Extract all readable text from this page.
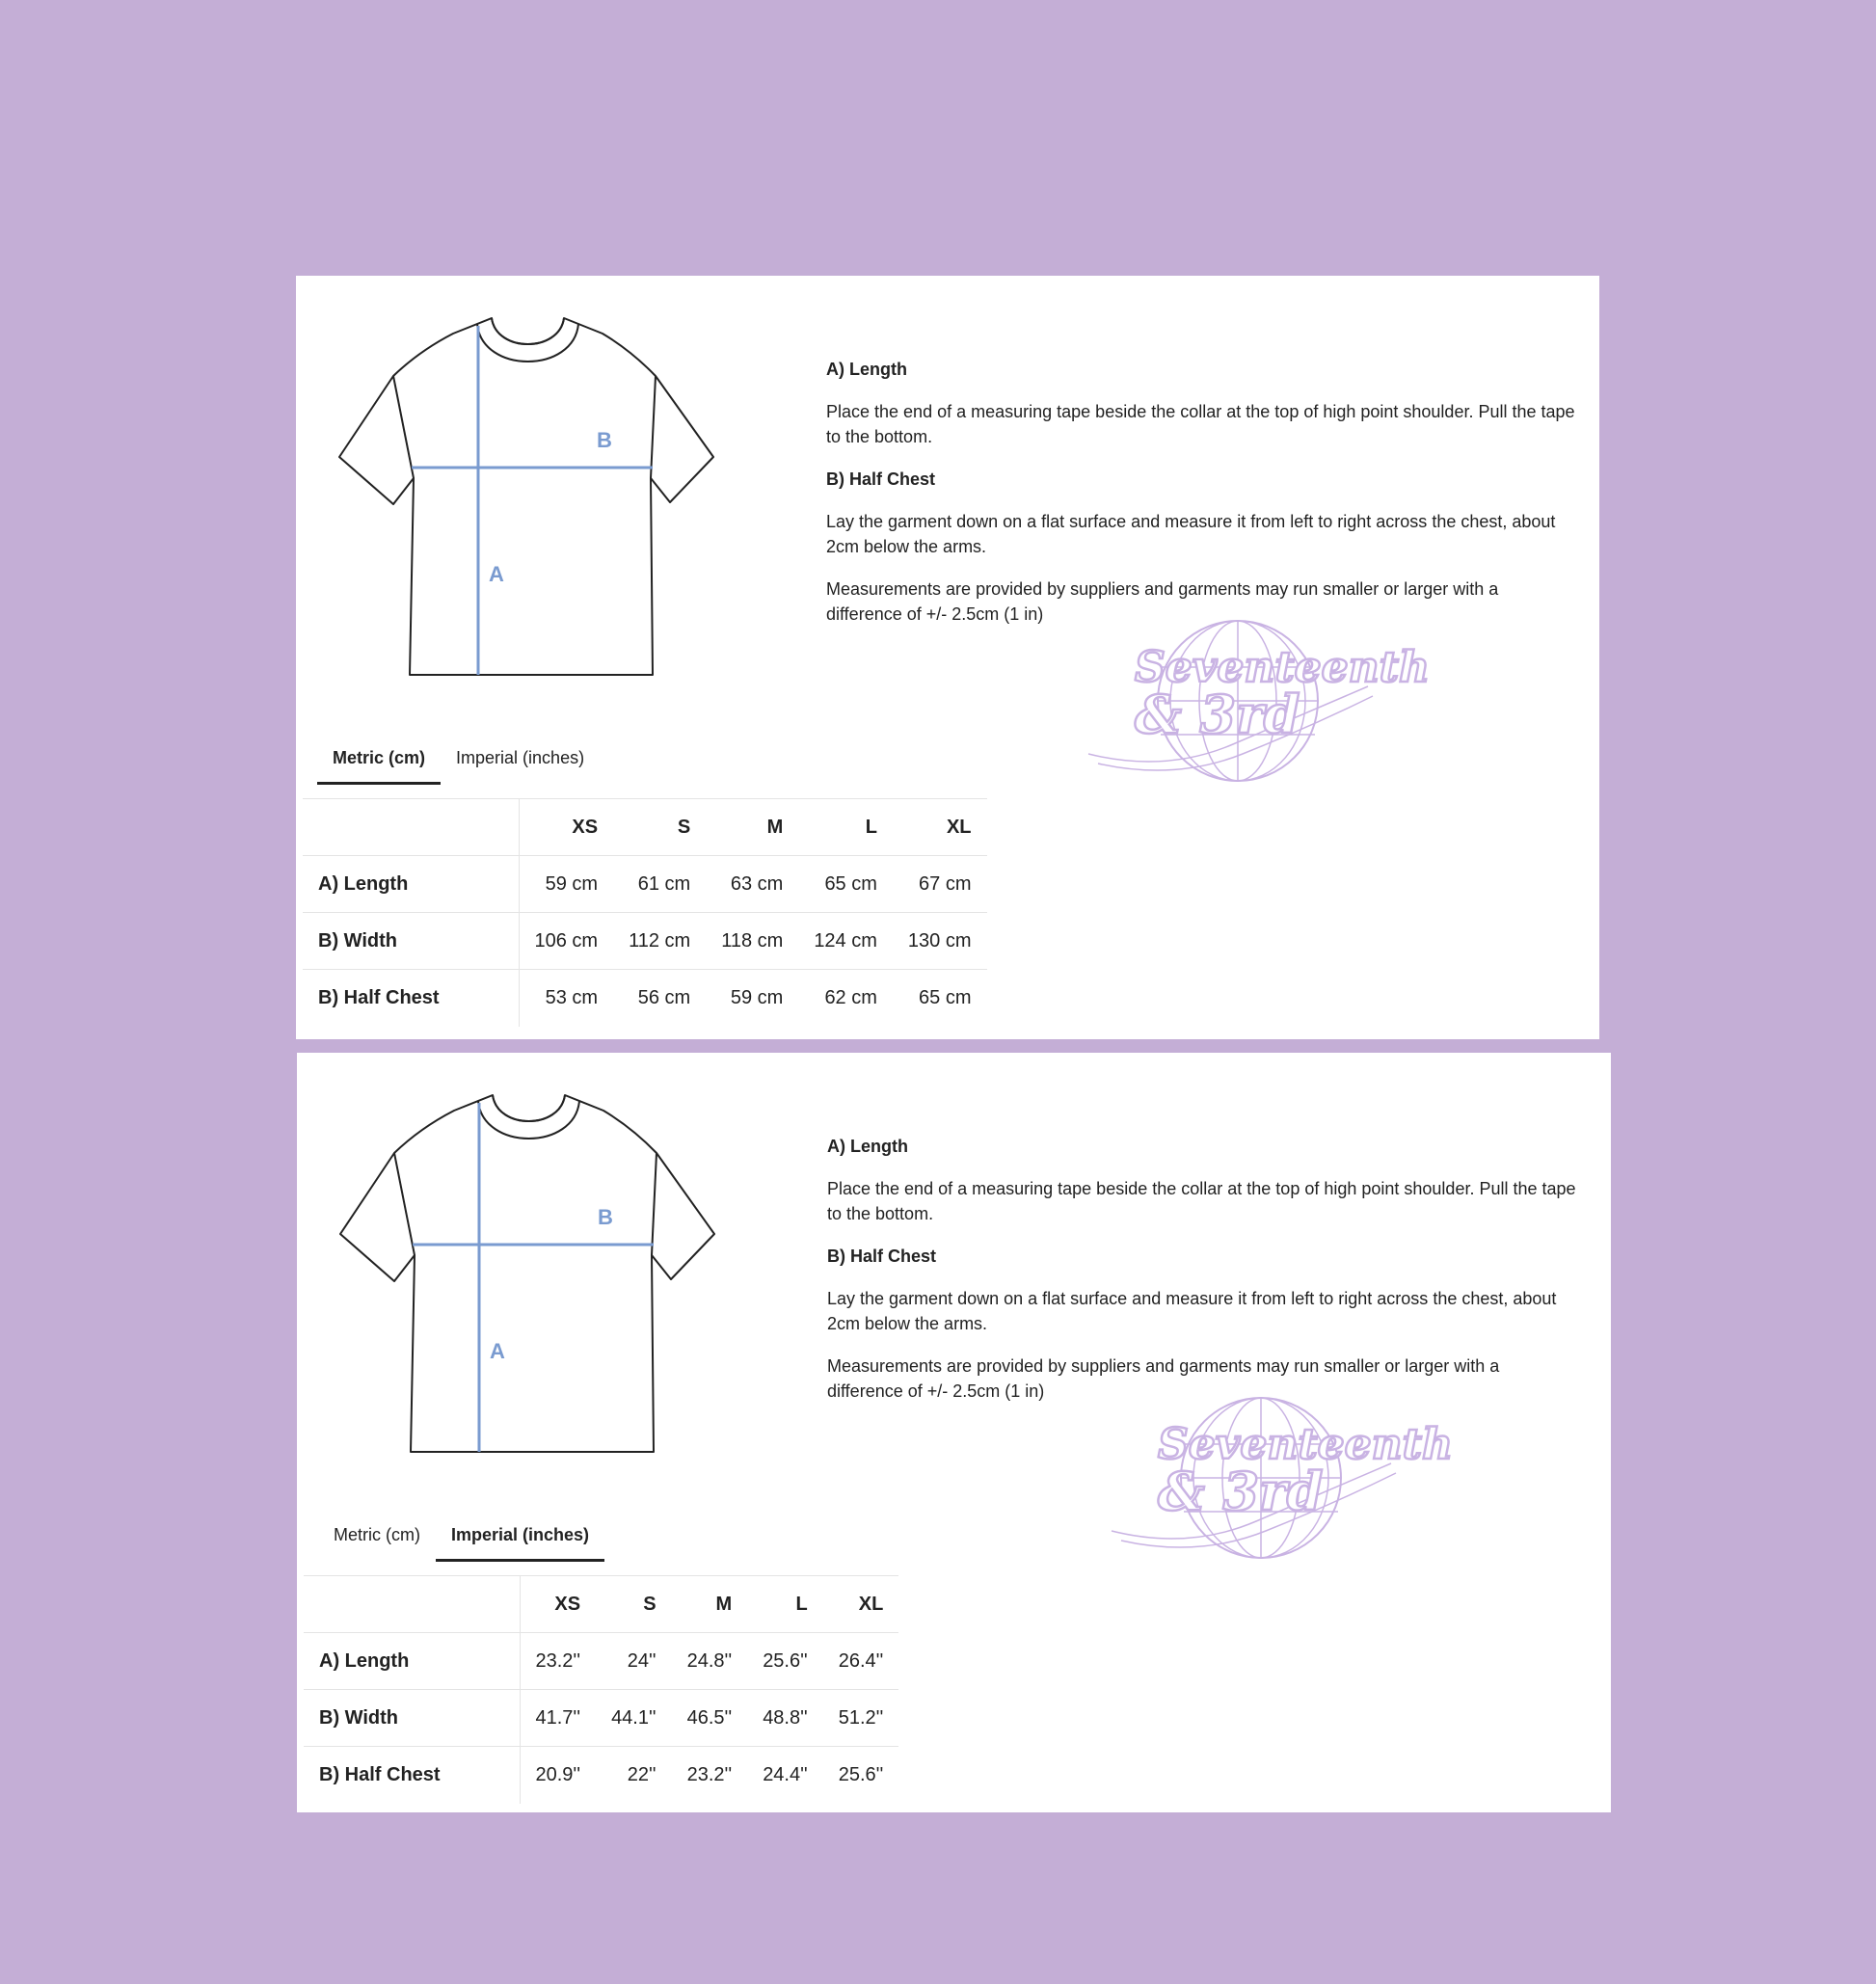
A
B

A) Length

Place the end of a measuring tape beside the collar at the top of high point shoulder. Pull the tape to the bottom.

B) Half Chest

Lay the garment down on a flat surface and measure it from left to right across the chest, about 2cm below the arms.

Measurements are provided by suppliers and garments may run smaller or larger with a difference of +/- 2.5cm (1 in)

Seventeenth
& 3rd
Metric (cm)	Imperial (inches)
	XS	S	M	L	XL
A) Length	59 cm	61 cm	63 cm	65 cm	67 cm
B) Width	106 cm	112 cm	118 cm	124 cm	130 cm
B) Half Chest	53 cm	56 cm	59 cm	62 cm	65 cm
A
B

A) Length

Place the end of a measuring tape beside the collar at the top of high point shoulder. Pull the tape to the bottom.

B) Half Chest

Lay the garment down on a flat surface and measure it from left to right across the chest, about 2cm below the arms.

Measurements are provided by suppliers and garments may run smaller or larger with a difference of +/- 2.5cm (1 in)

Seventeenth
& 3rd
Metric (cm)	Imperial (inches)
	XS	S	M	L	XL
A) Length	23.2''	24''	24.8''	25.6''	26.4''
B) Width	41.7''	44.1''	46.5''	48.8''	51.2''
B) Half Chest	20.9''	22''	23.2''	24.4''	25.6''
